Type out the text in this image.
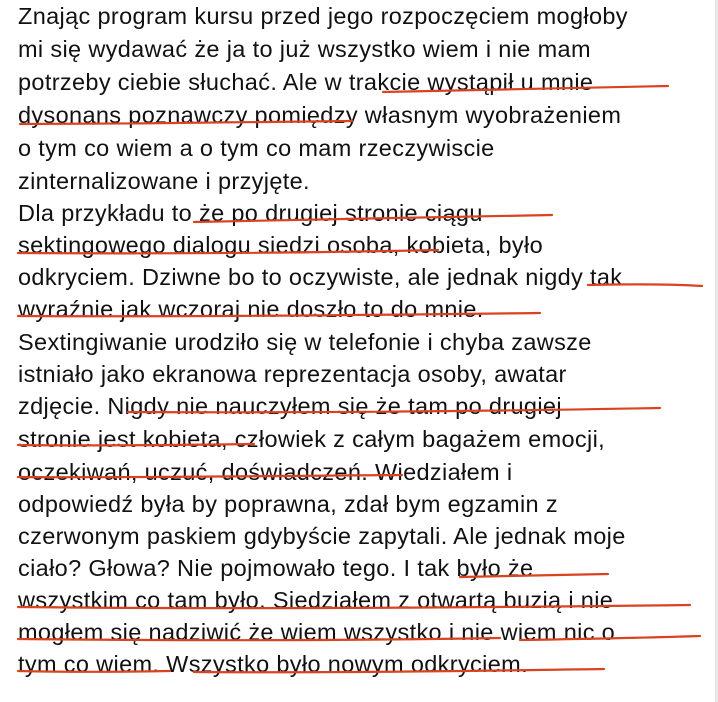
Znając program kursu przed jego rozpoczęciem mogłoby

mi się wydawać że ja to już wszystko wiem i nie mam

potrzeby ciebie słuchać. Ale w trakcie wystąpił u mnie

dysonans poznawczy pomiędzy własnym wyobrażeniem

o tym co wiem a o tym co mam rzeczywiscie

zinternalizowane i przyjęte.

Dla przykładu to że po drugiej stronie ciągu

sektingowego dialogu siedzi osoba, kobieta, było

odkryciem. Dziwne bo to oczywiste, ale jednak nigdy tak

wyraźnie jak wczoraj nie doszło to do mnie.

Sextingiwanie urodziło się w telefonie i chyba zawsze

istniało jako ekranowa reprezentacja osoby, awatar

zdjęcie. Nigdy nie nauczyłem się że tam po drugiej

stronie jest kobieta, człowiek z całym bagażem emocji,

oczekiwań, uczuć, doświadczeń. Wiedziałem i

odpowiedź była by poprawna, zdał bym egzamin z

czerwonym paskiem gdybyście zapytali. Ale jednak moje

ciało? Głowa? Nie pojmowało tego. I tak było że

wszystkim co tam było. Siedziałem z otwartą buzią i nie

mogłem się nadziwić że wiem wszystko i nie wiem nic o

tym co wiem. Wszystko było nowym odkryciem.
